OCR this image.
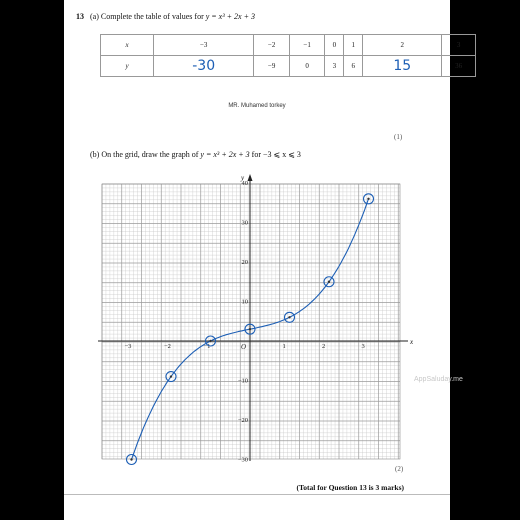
13 (a) Complete the table of values for y = x³ + 2x + 3
x	−3	−2	−1	0	1	2	3
y	-30	−9	0	3	6	15	36
MR. Muhamed torkey
(1)
(b) On the grid, draw the graph of y = x³ + 2x + 3 for −3 ⩽ x ⩽ 3
x
y
−3	−2	−1	1	2	3
40
30
20
10
−10
−20
−30
O
AppSaluday.me
(2)
(Total for Question 13 is 3 marks)
